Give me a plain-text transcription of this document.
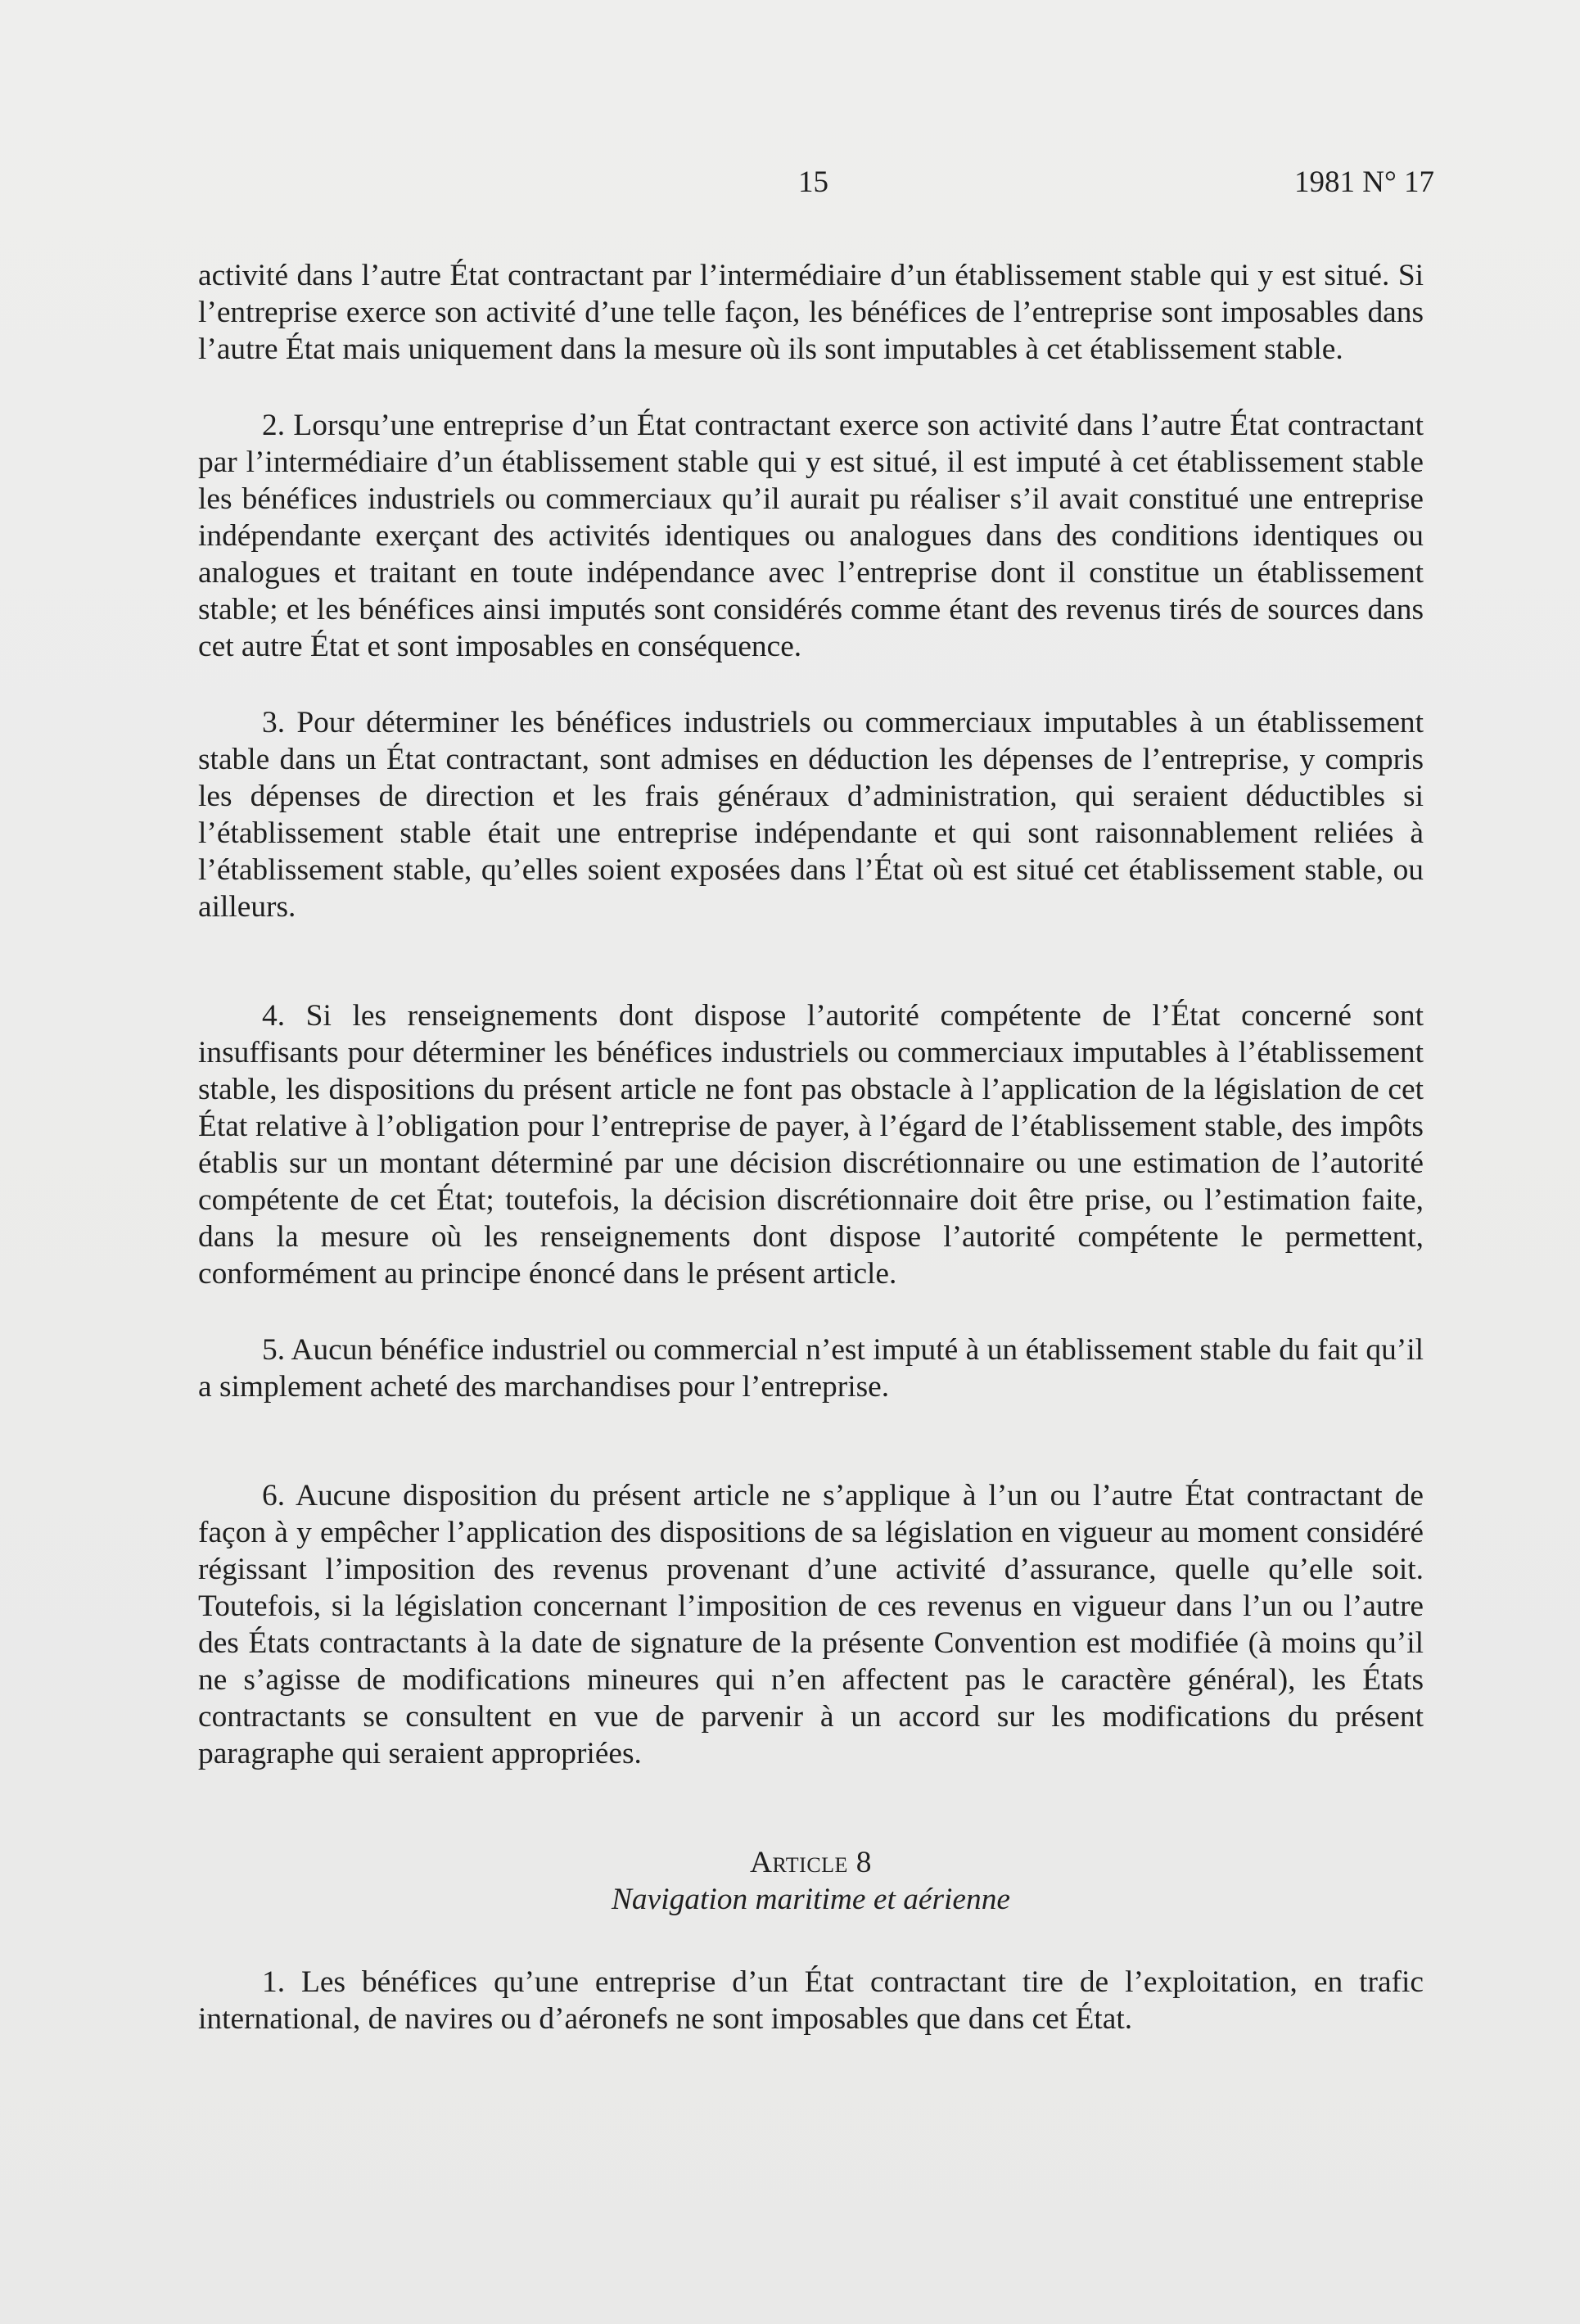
15	1981 N° 17

activité dans l’autre État contractant par l’intermédiaire d’un établissement stable qui y est situé. Si l’entreprise exerce son activité d’une telle façon, les bénéfices de l’entreprise sont imposables dans l’autre État mais uniquement dans la mesure où ils sont imputables à cet établissement stable.

2. Lorsqu’une entreprise d’un État contractant exerce son activité dans l’autre État contractant par l’intermédiaire d’un établissement stable qui y est situé, il est imputé à cet établissement stable les bénéfices industriels ou commerciaux qu’il aurait pu réaliser s’il avait constitué une entreprise indépendante exerçant des activités identiques ou analogues dans des conditions identiques ou analogues et traitant en toute indépendance avec l’entreprise dont il constitue un établissement stable; et les bénéfices ainsi imputés sont considérés comme étant des revenus tirés de sources dans cet autre État et sont imposables en conséquence.

3. Pour déterminer les bénéfices industriels ou commerciaux imputables à un établissement stable dans un État contractant, sont admises en déduction les dépenses de l’entreprise, y compris les dépenses de direction et les frais généraux d’administration, qui seraient déductibles si l’établissement stable était une entreprise indépendante et qui sont raisonnablement reliées à l’établissement stable, qu’elles soient exposées dans l’État où est situé cet établissement stable, ou ailleurs.

4. Si les renseignements dont dispose l’autorité compétente de l’État concerné sont insuffisants pour déterminer les bénéfices industriels ou commerciaux imputables à l’établissement stable, les dispositions du présent article ne font pas obstacle à l’application de la législation de cet État relative à l’obligation pour l’entreprise de payer, à l’égard de l’établissement stable, des impôts établis sur un montant déterminé par une décision discrétionnaire ou une estimation de l’autorité compétente de cet État; toutefois, la décision discrétionnaire doit être prise, ou l’estimation faite, dans la mesure où les renseignements dont dispose l’autorité compétente le permettent, conformément au principe énoncé dans le présent article.

5. Aucun bénéfice industriel ou commercial n’est imputé à un établissement stable du fait qu’il a simplement acheté des marchandises pour l’entreprise.

6. Aucune disposition du présent article ne s’applique à l’un ou l’autre État contractant de façon à y empêcher l’application des dispositions de sa législation en vigueur au moment considéré régissant l’imposition des revenus provenant d’une activité d’assurance, quelle qu’elle soit. Toutefois, si la législation concernant l’imposition de ces revenus en vigueur dans l’un ou l’autre des États contractants à la date de signature de la présente Convention est modifiée (à moins qu’il ne s’agisse de modifications mineures qui n’en affectent pas le caractère général), les États contractants se consultent en vue de parvenir à un accord sur les modifications du présent paragraphe qui seraient appropriées.

Article 8

Navigation maritime et aérienne

1. Les bénéfices qu’une entreprise d’un État contractant tire de l’exploitation, en trafic international, de navires ou d’aéronefs ne sont imposables que dans cet État.
